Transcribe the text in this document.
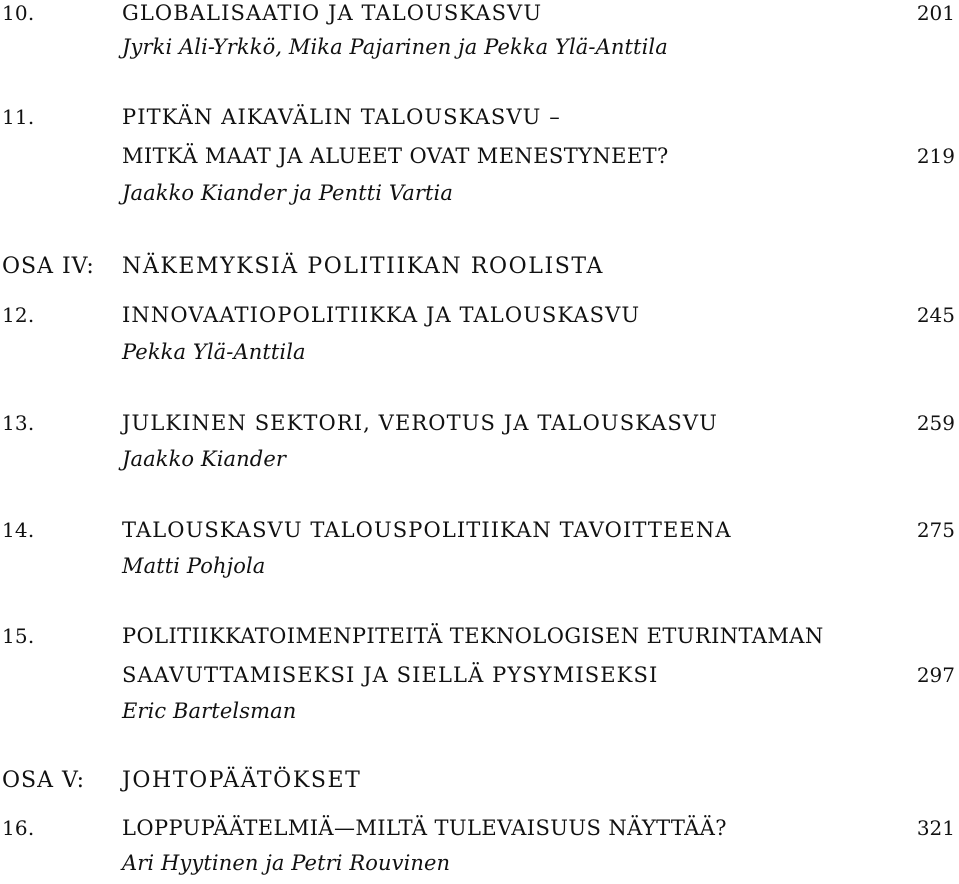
10.	GLOBALISAATIO JA TALOUSKASVU	201
Jyrki Ali-Yrkkö, Mika Pajarinen ja Pekka Ylä-Anttila
11.	PITKÄN AIKAVÄLIN TALOUSKASVU –
MITKÄ MAAT JA ALUEET OVAT MENESTYNEET?	219
Jaakko Kiander ja Pentti Vartia
OSA IV: NÄKEMYKSIÄ POLITIIKAN ROOLISTA
12.	INNOVAATIOPOLITIIKKA JA TALOUSKASVU	245
Pekka Ylä-Anttila
13.	JULKINEN SEKTORI, VEROTUS JA TALOUSKASVU	259
Jaakko Kiander
14.	TALOUSKASVU TALOUSPOLITIIKAN TAVOITTEENA	275
Matti Pohjola
15.	POLITIIKKATOIMENPITEITÄ TEKNOLOGISEN ETURINTAMAN
SAAVUTTAMISEKSI JA SIELLÄ PYSYMISEKSI	297
Eric Bartelsman
OSA V: JOHTOPÄÄTÖKSET
16.	LOPPUPÄÄTELMIÄ—MILTÄ TULEVAISUUS NÄYTTÄÄ?	321
Ari Hyytinen ja Petri Rouvinen
